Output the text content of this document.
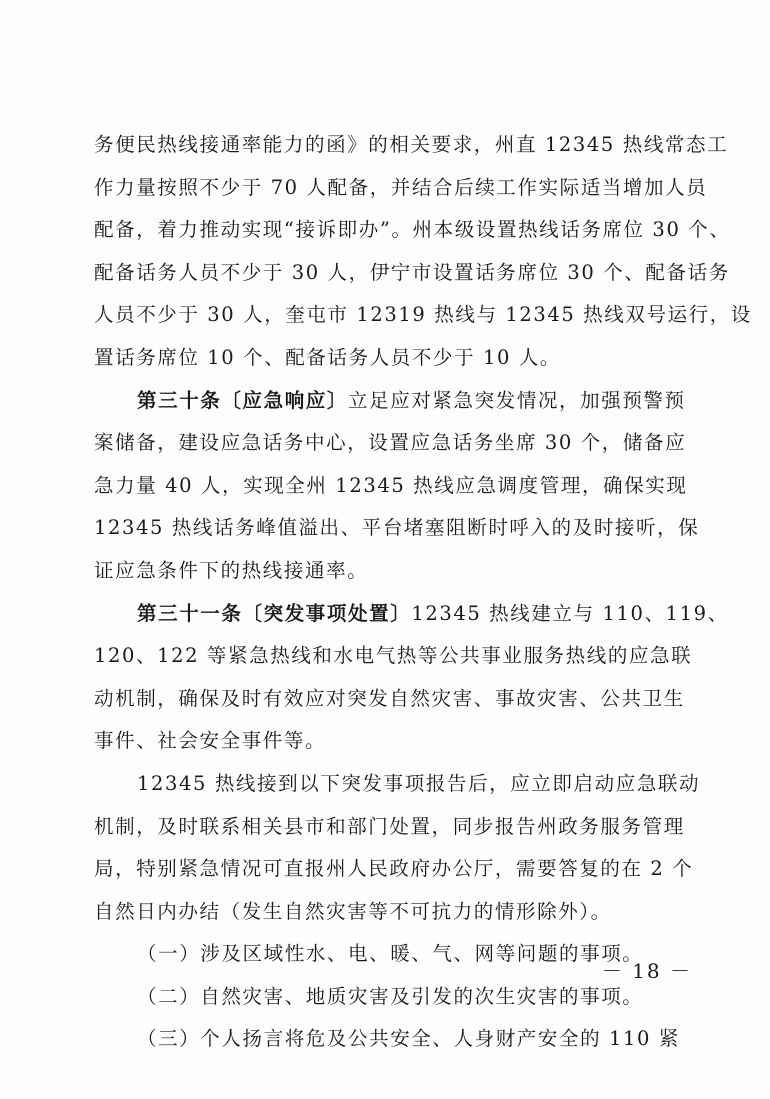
务便民热线接通率能力的函》的相关要求，州直 12345 热线常态工
作力量按照不少于 70 人配备，并结合后续工作实际适当增加人员
配备，着力推动实现“接诉即办”。州本级设置热线话务席位 30 个、
配备话务人员不少于 30 人，伊宁市设置话务席位 30 个、配备话务
人员不少于 30 人，奎屯市 12319 热线与 12345 热线双号运行，设
置话务席位 10 个、配备话务人员不少于 10 人。
第三十条〔应急响应〕立足应对紧急突发情况，加强预警预
案储备，建设应急话务中心，设置应急话务坐席 30 个，储备应
急力量 40 人，实现全州 12345 热线应急调度管理，确保实现
12345 热线话务峰值溢出、平台堵塞阻断时呼入的及时接听，保
证应急条件下的热线接通率。
第三十一条〔突发事项处置〕12345 热线建立与 110、119、
120、122 等紧急热线和水电气热等公共事业服务热线的应急联
动机制，确保及时有效应对突发自然灾害、事故灾害、公共卫生
事件、社会安全事件等。
12345 热线接到以下突发事项报告后，应立即启动应急联动
机制，及时联系相关县市和部门处置，同步报告州政务服务管理
局，特别紧急情况可直报州人民政府办公厅，需要答复的在 2 个
自然日内办结（发生自然灾害等不可抗力的情形除外）。
（一）涉及区域性水、电、暖、气、网等问题的事项。
（二）自然灾害、地质灾害及引发的次生灾害的事项。
（三）个人扬言将危及公共安全、人身财产安全的 110 紧
－ 18 －
